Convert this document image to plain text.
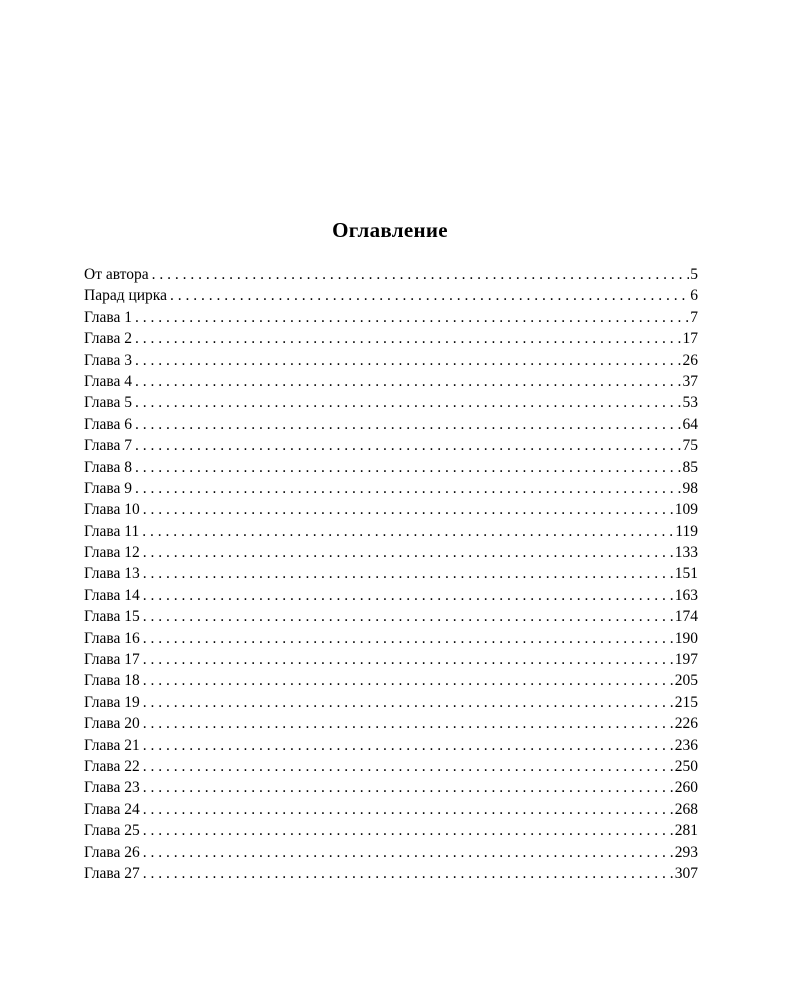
Оглавление
От автора . . .	5
Парад цирка . . .	6
Глава 1 . . .	7
Глава 2 . . .	17
Глава 3 . . .	26
Глава 4 . . .	37
Глава 5 . . .	53
Глава 6 . . .	64
Глава 7 . . .	75
Глава 8 . . .	85
Глава 9 . . .	98
Глава 10 . . .	109
Глава 11 . . .	119
Глава 12 . . .	133
Глава 13 . . .	151
Глава 14 . . .	163
Глава 15 . . .	174
Глава 16 . . .	190
Глава 17 . . .	197
Глава 18 . . .	205
Глава 19 . . .	215
Глава 20 . . .	226
Глава 21 . . .	236
Глава 22 . . .	250
Глава 23 . . .	260
Глава 24 . . .	268
Глава 25 . . .	281
Глава 26 . . .	293
Глава 27 . . .	307
